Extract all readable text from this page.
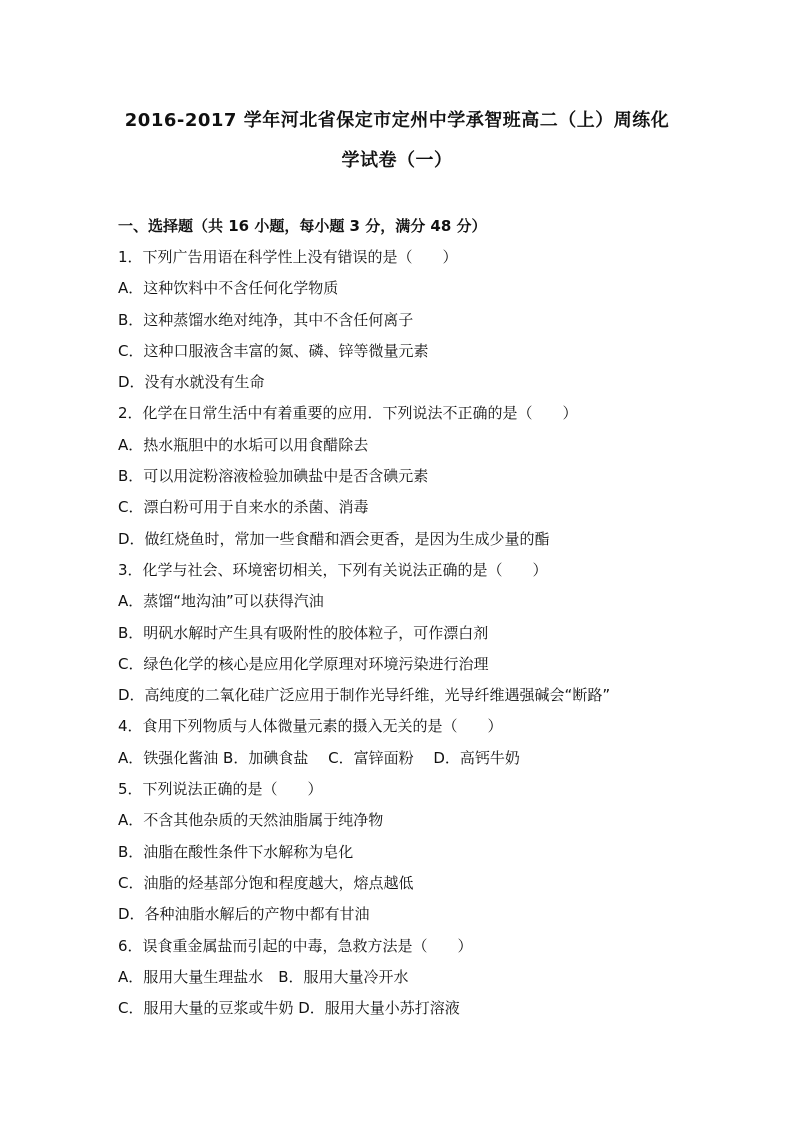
2016-2017 学年河北省保定市定州中学承智班高二（上）周练化
学试卷（一）
一、选择题（共 16 小题，每小题 3 分，满分 48 分）
1．下列广告用语在科学性上没有错误的是（　　）
A．这种饮料中不含任何化学物质
B．这种蒸馏水绝对纯净，其中不含任何离子
C．这种口服液含丰富的氮、磷、锌等微量元素
D．没有水就没有生命
2．化学在日常生活中有着重要的应用．下列说法不正确的是（　　）
A．热水瓶胆中的水垢可以用食醋除去
B．可以用淀粉溶液检验加碘盐中是否含碘元素
C．漂白粉可用于自来水的杀菌、消毒
D．做红烧鱼时，常加一些食醋和酒会更香，是因为生成少量的酯
3．化学与社会、环境密切相关，下列有关说法正确的是（　　）
A．蒸馏“地沟油”可以获得汽油
B．明矾水解时产生具有吸附性的胶体粒子，可作漂白剂
C．绿色化学的核心是应用化学原理对环境污染进行治理
D．高纯度的二氧化硅广泛应用于制作光导纤维，光导纤维遇强碱会“断路”
4．食用下列物质与人体微量元素的摄入无关的是（　　）
A．铁强化酱油 B．加碘食盐 　C．富锌面粉 　D．高钙牛奶
5．下列说法正确的是（　　）
A．不含其他杂质的天然油脂属于纯净物
B．油脂在酸性条件下水解称为皂化
C．油脂的烃基部分饱和程度越大，熔点越低
D．各种油脂水解后的产物中都有甘油
6．误食重金属盐而引起的中毒，急救方法是（　　）
A．服用大量生理盐水　B．服用大量冷开水
C．服用大量的豆浆或牛奶 D．服用大量小苏打溶液
